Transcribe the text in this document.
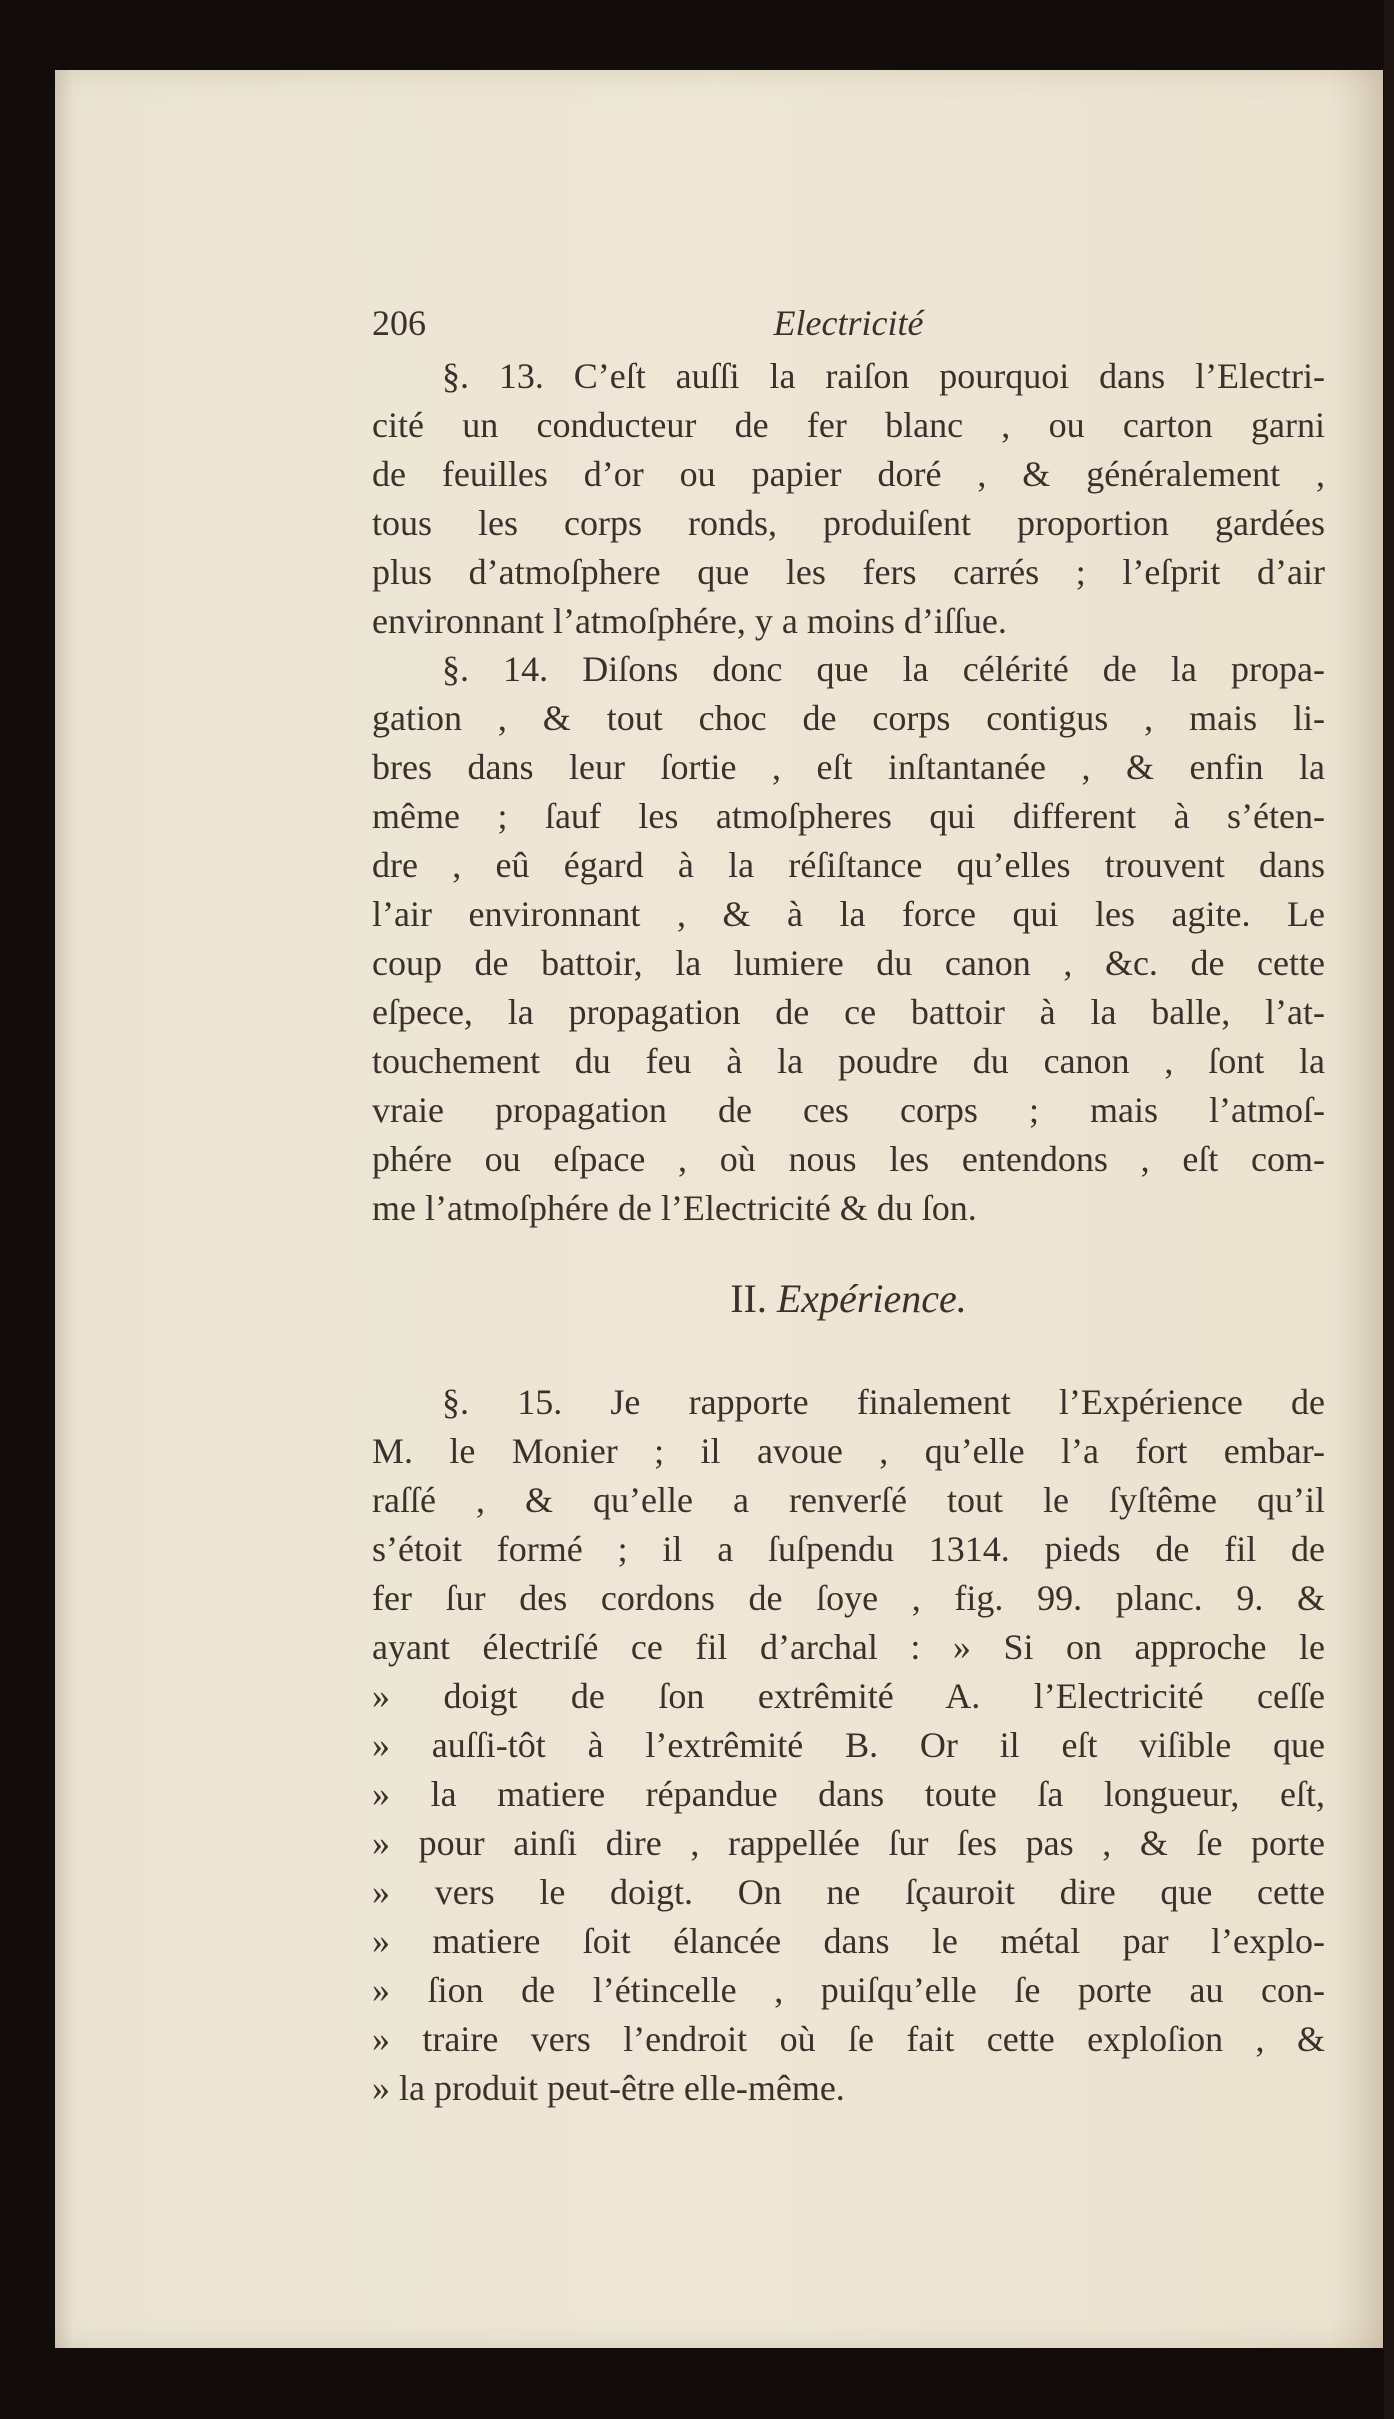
206	Electricité
§. 13. C’eſt auſſi la raiſon pourquoi dans l’Electri-
cité un conducteur de fer blanc , ou carton garni
de feuilles d’or ou papier doré , & généralement ,
tous les corps ronds, produiſent proportion gardées
plus d’atmoſphere que les fers carrés ; l’eſprit d’air
environnant l’atmoſphére, y a moins d’iſſue.
§. 14. Diſons donc que la célérité de la propa-
gation , & tout choc de corps contigus , mais li-
bres dans leur ſortie , eſt inſtantanée , & enfin la
même ; ſauf les atmoſpheres qui different à s’éten-
dre , eû égard à la réſiſtance qu’elles trouvent dans
l’air environnant , & à la force qui les agite. Le
coup de battoir, la lumiere du canon , &c. de cette
eſpece, la propagation de ce battoir à la balle, l’at-
touchement du feu à la poudre du canon , ſont la
vraie propagation de ces corps ; mais l’atmoſ-
phére ou eſpace , où nous les entendons , eſt com-
me l’atmoſphére de l’Electricité & du ſon.
II. Expérience.
§. 15. Je rapporte finalement l’Expérience de
M. le Monier ; il avoue , qu’elle l’a fort embar-
raſſé , & qu’elle a renverſé tout le ſyſtême qu’il
s’étoit formé ; il a ſuſpendu 1314. pieds de fil de
fer ſur des cordons de ſoye , fig. 99. planc. 9. &
ayant électriſé ce fil d’archal : » Si on approche le
» doigt de ſon extrêmité A. l’Electricité ceſſe
» auſſi-tôt à l’extrêmité B. Or il eſt viſible que
» la matiere répandue dans toute ſa longueur, eſt,
» pour ainſi dire , rappellée ſur ſes pas , & ſe porte
» vers le doigt. On ne ſçauroit dire que cette
» matiere ſoit élancée dans le métal par l’explo-
» ſion de l’étincelle , puiſqu’elle ſe porte au con-
» traire vers l’endroit où ſe fait cette exploſion , &
» la produit peut-être elle-même.
